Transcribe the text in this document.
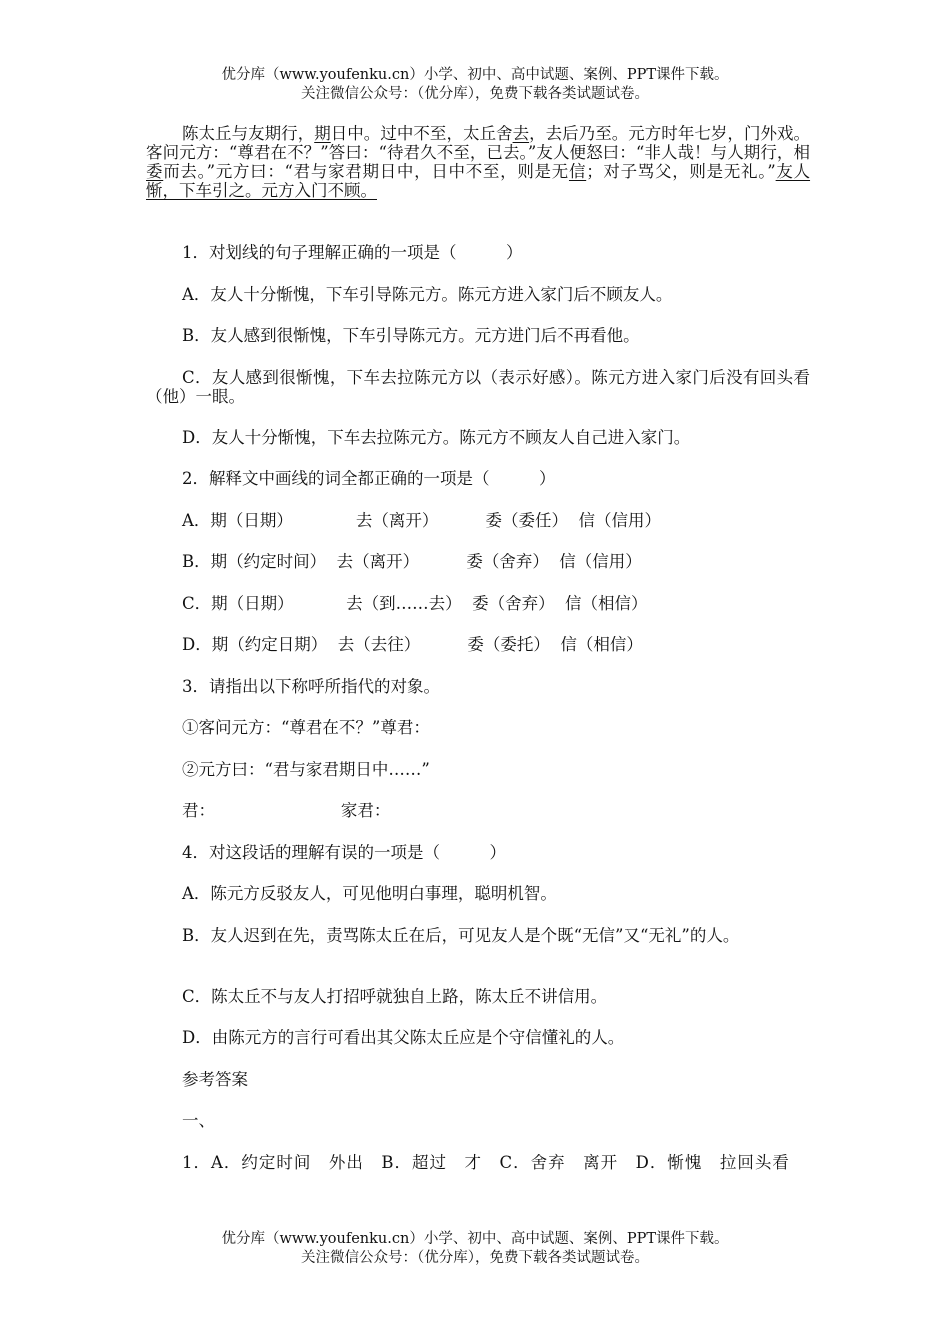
优分库（www.youfenku.cn）小学、初中、高中试题、案例、PPT课件下载。
关注微信公众号：（优分库），免费下载各类试题试卷。

陈太丘与友期行，期日中。过中不至，太丘舍去，去后乃至。元方时年七岁，门外戏。客问元方：“尊君在不？”答曰：“待君久不至，已去。”友人便怒曰：“非人哉！与人期行，相委而去。”元方曰：“君与家君期日中，日中不至，则是无信；对子骂父，则是无礼。”友人惭，下车引之。元方入门不顾。

1．对划线的句子理解正确的一项是（　　　）
A．友人十分惭愧，下车引导陈元方。陈元方进入家门后不顾友人。
B．友人感到很惭愧，下车引导陈元方。元方进门后不再看他。

C．友人感到很惭愧，下车去拉陈元方以（表示好感）。陈元方进入家门后没有回头看（他）一眼。

D．友人十分惭愧，下车去拉陈元方。陈元方不顾友人自己进入家门。
2．解释文中画线的词全都正确的一项是（　　　）
A．期（日期）            去（离开）         委（委任）  信（信用）
B．期（约定时间）  去（离开）         委（舍弃）  信（信用）
C．期（日期）          去（到……去）  委（舍弃）  信（相信）
D．期（约定日期）  去（去往）         委（委托）  信（相信）
3．请指出以下称呼所指代的对象。
①客问元方：“尊君在不？”尊君：
②元方曰：“君与家君期日中……”
君：                        家君：
4．对这段话的理解有误的一项是（　　　）
A．陈元方反驳友人，可见他明白事理，聪明机智。

B．友人迟到在先，责骂陈太丘在后，可见友人是个既“无信”又“无礼”的人。

C．陈太丘不与友人打招呼就独自上路，陈太丘不讲信用。
D．由陈元方的言行可看出其父陈太丘应是个守信懂礼的人。
参考答案
一、

1．A．约定时间　外出　B．超过　才　C．舍弃　离开　D．惭愧　拉回头看

优分库（www.youfenku.cn）小学、初中、高中试题、案例、PPT课件下载。
关注微信公众号：（优分库），免费下载各类试题试卷。
